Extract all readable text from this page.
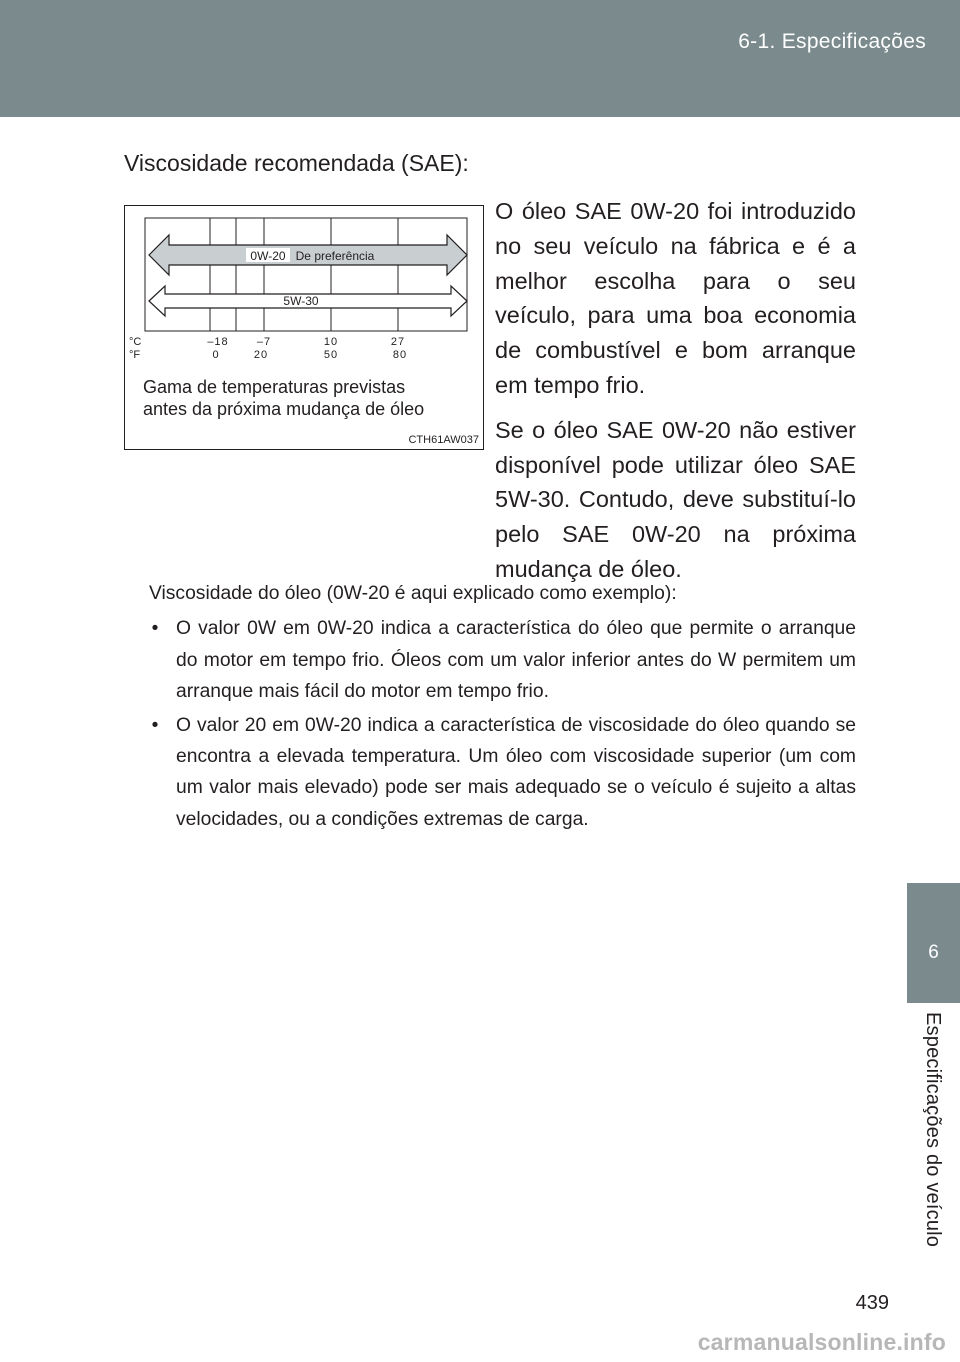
6-1. Especificações
6
Especificações do veículo
Viscosidade recomendada (SAE):
0W-20 De preferência
5W-30
°C
°F
–18	–7	10	27
0	20	50	80
Gama de temperaturas previstas
antes da próxima mudança de óleo
CTH61AW037

O óleo SAE 0W-20 foi introduzido no seu veículo na fábrica e é a melhor escolha para o seu veículo, para uma boa economia de combustível e bom arranque em tempo frio.

Se o óleo SAE 0W-20 não estiver disponível pode utilizar óleo SAE 5W-30. Contudo, deve substituí-lo pelo SAE 0W-20 na próxima mudança de óleo.

Viscosidade do óleo (0W-20 é aqui explicado como exemplo):
• O valor 0W em 0W-20 indica a característica do óleo que permite o arranque do motor em tempo frio. Óleos com um valor inferior antes do W permitem um arranque mais fácil do motor em tempo frio.
• O valor 20 em 0W-20 indica a característica de viscosidade do óleo quando se encontra a elevada temperatura. Um óleo com viscosidade superior (um com um valor mais elevado) pode ser mais adequado se o veículo é sujeito a altas velocidades, ou a condições extremas de carga.
439
carmanualsonline.info
